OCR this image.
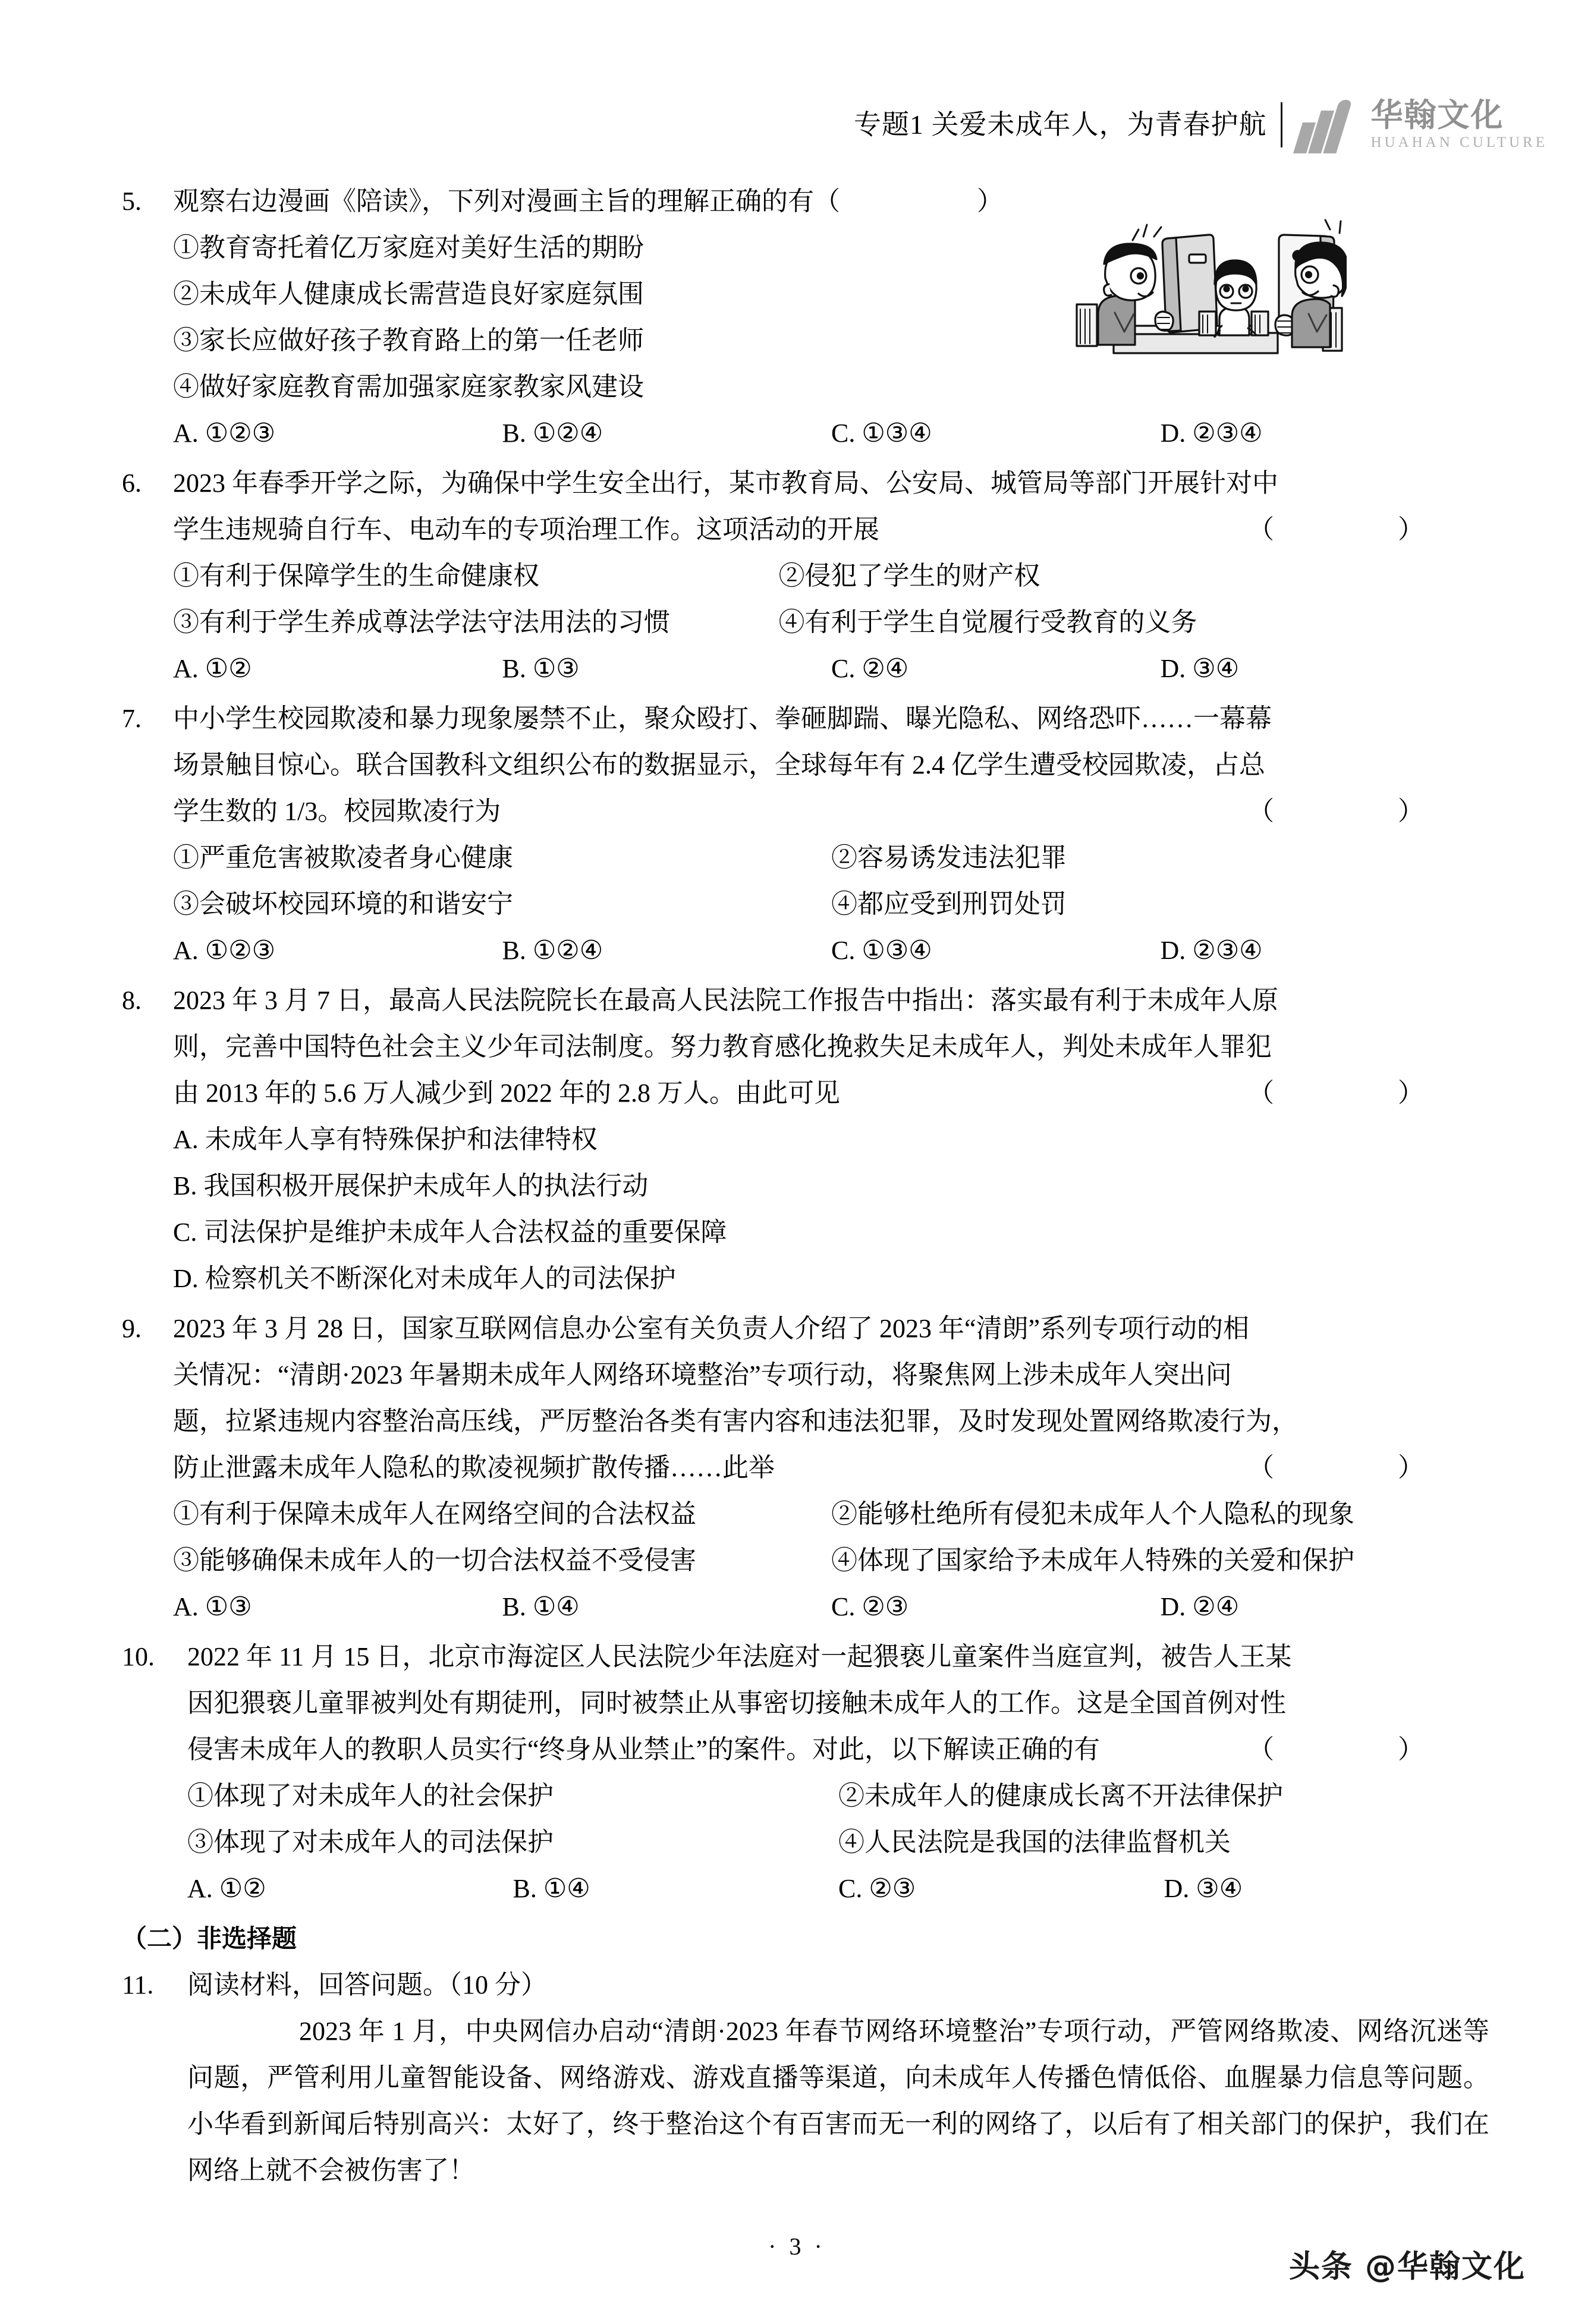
专题1 关爱未成年人，为青春护航	华翰文化
HUAHAN CULTURE
5.	观察右边漫画《陪读》，下列对漫画主旨的理解正确的有（    ）
①教育寄托着亿万家庭对美好生活的期盼
②未成年人健康成长需营造良好家庭氛围
③家长应做好孩子教育路上的第一任老师
④做好家庭教育需加强家庭家教家风建设
A. ①②③	B. ①②④	C. ①③④	D. ②③④
6.	2023 年春季开学之际，为确保中学生安全出行，某市教育局、公安局、城管局等部门开展针对中
学生违规骑自行车、电动车的专项治理工作。这项活动的开展	（  ）
①有利于保障学生的生命健康权	②侵犯了学生的财产权
③有利于学生养成尊法学法守法用法的习惯	④有利于学生自觉履行受教育的义务
A. ①②	B. ①③	C. ②④	D. ③④
7.	中小学生校园欺凌和暴力现象屡禁不止，聚众殴打、拳砸脚踹、曝光隐私、网络恐吓……一幕幕
场景触目惊心。联合国教科文组织公布的数据显示，全球每年有 2.4 亿学生遭受校园欺凌，占总
学生数的 1/3。校园欺凌行为	（  ）
①严重危害被欺凌者身心健康	②容易诱发违法犯罪
③会破坏校园环境的和谐安宁	④都应受到刑罚处罚
A. ①②③	B. ①②④	C. ①③④	D. ②③④
8.	2023 年 3 月 7 日，最高人民法院院长在最高人民法院工作报告中指出：落实最有利于未成年人原
则，完善中国特色社会主义少年司法制度。努力教育感化挽救失足未成年人，判处未成年人罪犯
由 2013 年的 5.6 万人减少到 2022 年的 2.8 万人。由此可见	（  ）
A. 未成年人享有特殊保护和法律特权
B. 我国积极开展保护未成年人的执法行动
C. 司法保护是维护未成年人合法权益的重要保障
D. 检察机关不断深化对未成年人的司法保护
9.	2023 年 3 月 28 日，国家互联网信息办公室有关负责人介绍了 2023 年“清朗”系列专项行动的相
关情况：“清朗·2023 年暑期未成年人网络环境整治”专项行动，将聚焦网上涉未成年人突出问
题，拉紧违规内容整治高压线，严厉整治各类有害内容和违法犯罪，及时发现处置网络欺凌行为，
防止泄露未成年人隐私的欺凌视频扩散传播……此举	（  ）
①有利于保障未成年人在网络空间的合法权益	②能够杜绝所有侵犯未成年人个人隐私的现象
③能够确保未成年人的一切合法权益不受侵害	④体现了国家给予未成年人特殊的关爱和保护
A. ①③	B. ①④	C. ②③	D. ②④
10.	2022 年 11 月 15 日，北京市海淀区人民法院少年法庭对一起猥亵儿童案件当庭宣判，被告人王某
因犯猥亵儿童罪被判处有期徒刑，同时被禁止从事密切接触未成年人的工作。这是全国首例对性
侵害未成年人的教职人员实行“终身从业禁止”的案件。对此，以下解读正确的有	（  ）
①体现了对未成年人的社会保护	②未成年人的健康成长离不开法律保护
③体现了对未成年人的司法保护	④人民法院是我国的法律监督机关
A. ①②	B. ①④	C. ②③	D. ③④
（二）非选择题
11.	阅读材料，回答问题。（10 分）
2023 年 1 月，中央网信办启动“清朗·2023 年春节网络环境整治”专项行动，严管网络欺凌、网络沉迷等问题，严管利用儿童智能设备、网络游戏、游戏直播等渠道，向未成年人传播色情低俗、血腥暴力信息等问题。小华看到新闻后特别高兴：太好了，终于整治这个有百害而无一利的网络了，以后有了相关部门的保护，我们在网络上就不会被伤害了！
· 3 ·
头条 @华翰文化
